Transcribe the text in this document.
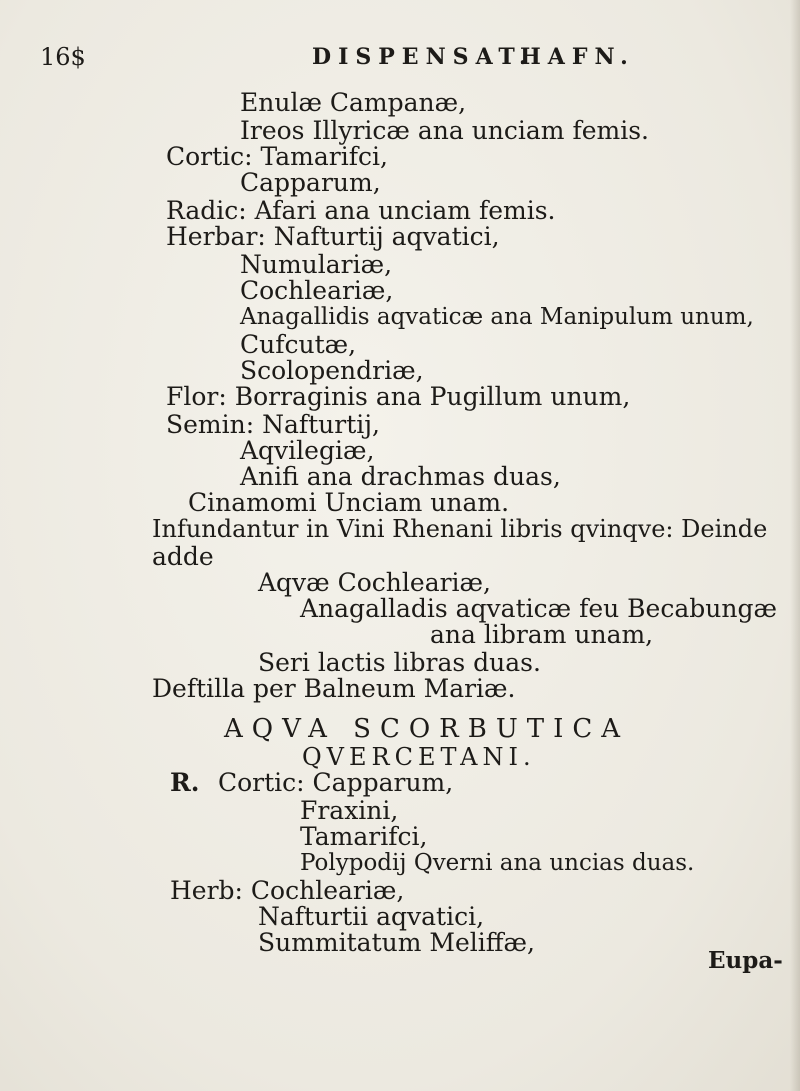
16$	DISPENSAT.
HAFN.
Enulæ Campanæ,
Ireos Illyricæ ana unciam femis.
Cortic: Tamarifci,
Capparum,
Radic: Afari ana unciam femis.
Herbar: Nafturtij aqvatici,
Numulariæ,
Cochleariæ,
Anagallidis aqvaticæ ana Manipulum unum,
Cufcutæ,
Scolopendriæ,
Flor: Borraginis ana Pugillum unum,
Semin: Nafturtij,
Aqvilegiæ,
Anifi ana drachmas duas,
Cinamomi Unciam unam.
Infundantur in Vini Rhenani libris qvinqve: Deinde
adde
Aqvæ Cochleariæ,
Anagalladis aqvaticæ feu Becabungæ
ana libram unam,
Seri lactis libras duas.
Deftilla per Balneum Mariæ.
AQVA SCORBUTICA
QVERCETANI.
R. Cortic: Capparum,
Fraxini,
Tamarifci,
Polypodij Qverni ana uncias duas.
Herb: Cochleariæ,
Nafturtii aqvatici,
Summitatum Meliffæ,
Eupa-
